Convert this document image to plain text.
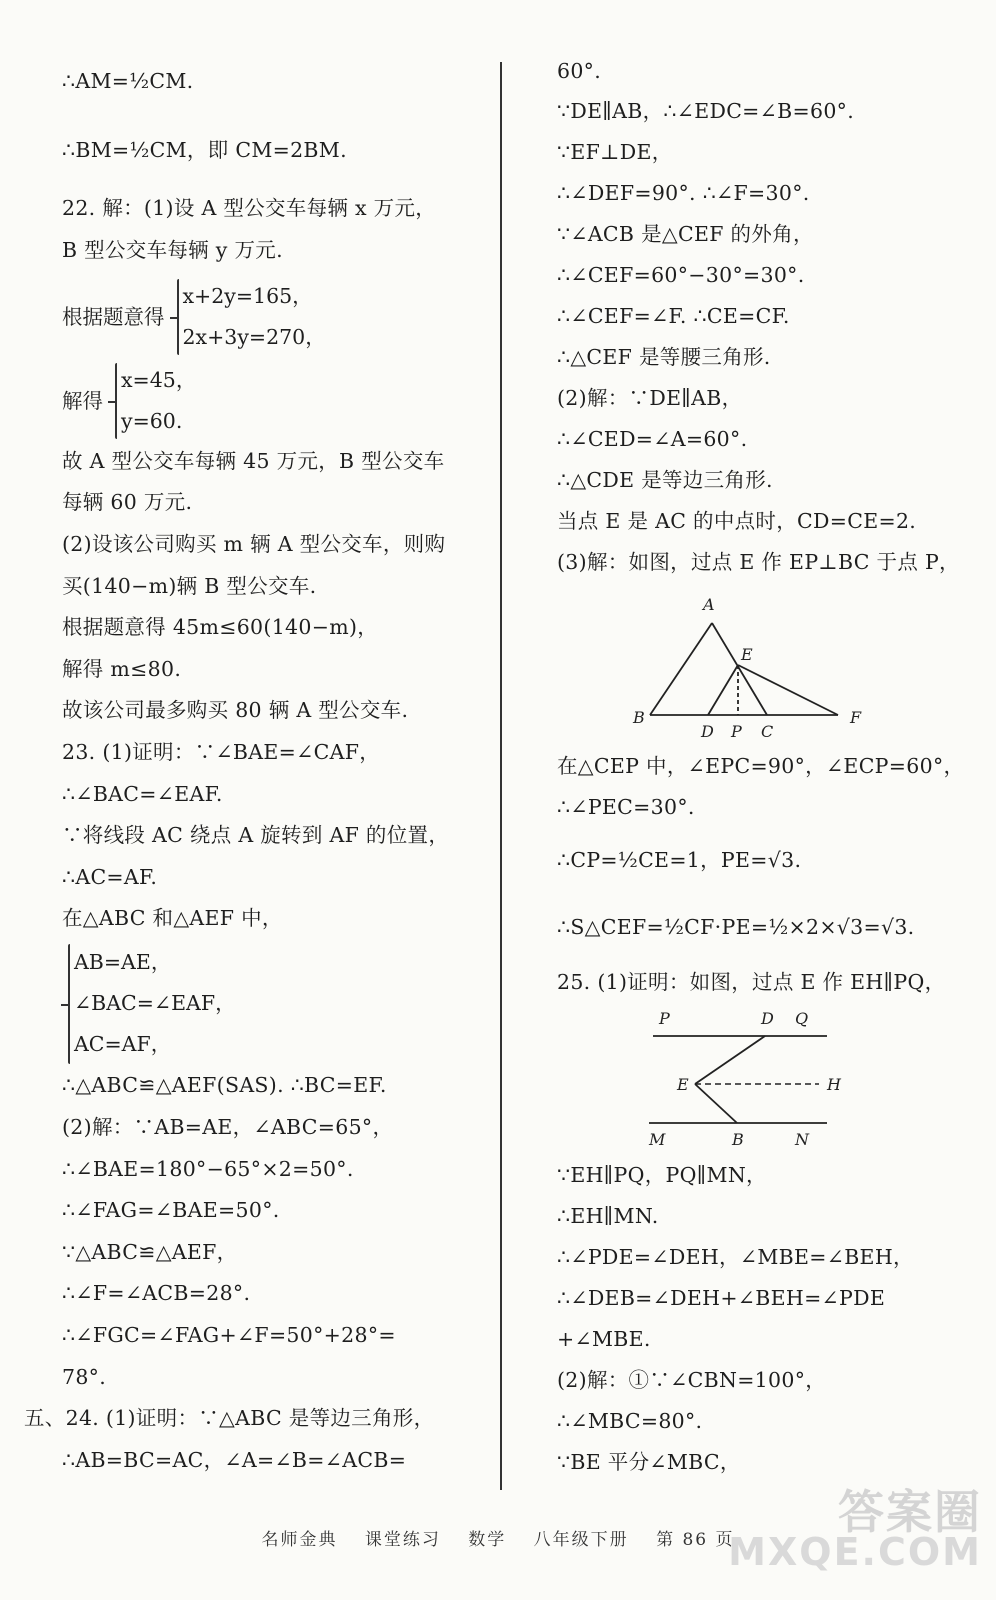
∴AM=½CM.
∴BM=½CM，即 CM=2BM.
22. 解：(1)设 A 型公交车每辆 x 万元，
B 型公交车每辆 y 万元.
根据题意得
x+2y=165，
2x+3y=270，
解得
x=45，
y=60.
故 A 型公交车每辆 45 万元，B 型公交车
每辆 60 万元.
(2)设该公司购买 m 辆 A 型公交车，则购
买(140−m)辆 B 型公交车.
根据题意得 45m≤60(140−m)，
解得 m≤80.
故该公司最多购买 80 辆 A 型公交车.
23. (1)证明：∵∠BAE=∠CAF，
∴∠BAC=∠EAF.
∵将线段 AC 绕点 A 旋转到 AF 的位置，
∴AC=AF.
在△ABC 和△AEF 中，
AB=AE，
∠BAC=∠EAF，
AC=AF，
∴△ABC≌△AEF(SAS). ∴BC=EF.
(2)解：∵AB=AE，∠ABC=65°，
∴∠BAE=180°−65°×2=50°.
∴∠FAG=∠BAE=50°.
∵△ABC≌△AEF，
∴∠F=∠ACB=28°.
∴∠FGC=∠FAG+∠F=50°+28°=
78°.
五、24. (1)证明：∵△ABC 是等边三角形，
∴AB=BC=AC，∠A=∠B=∠ACB=
60°.
∵DE∥AB，∴∠EDC=∠B=60°.
∵EF⊥DE，
∴∠DEF=90°. ∴∠F=30°.
∵∠ACB 是△CEF 的外角，
∴∠CEF=60°−30°=30°.
∴∠CEF=∠F. ∴CE=CF.
∴△CEF 是等腰三角形.
(2)解：∵DE∥AB，
∴∠CED=∠A=60°.
∴△CDE 是等边三角形.
当点 E 是 AC 的中点时，CD=CE=2.
(3)解：如图，过点 E 作 EP⊥BC 于点 P，
A
E
B
D P C
F
在△CEP 中，∠EPC=90°，∠ECP=60°，
∴∠PEC=30°.
∴CP=½CE=1，PE=√3.
∴S△CEF=½CF·PE=½×2×√3=√3.
25. (1)证明：如图，过点 E 作 EH∥PQ，
P	D Q
E	H
M	B	N
∵EH∥PQ，PQ∥MN，
∴EH∥MN.
∴∠PDE=∠DEH，∠MBE=∠BEH，
∴∠DEB=∠DEH+∠BEH=∠PDE
+∠MBE.
(2)解：①∵∠CBN=100°，
∴∠MBC=80°.
∵BE 平分∠MBC，
名师金典 课堂练习 数学 八年级下册 第 86 页
答案圈
MXQE.COM
